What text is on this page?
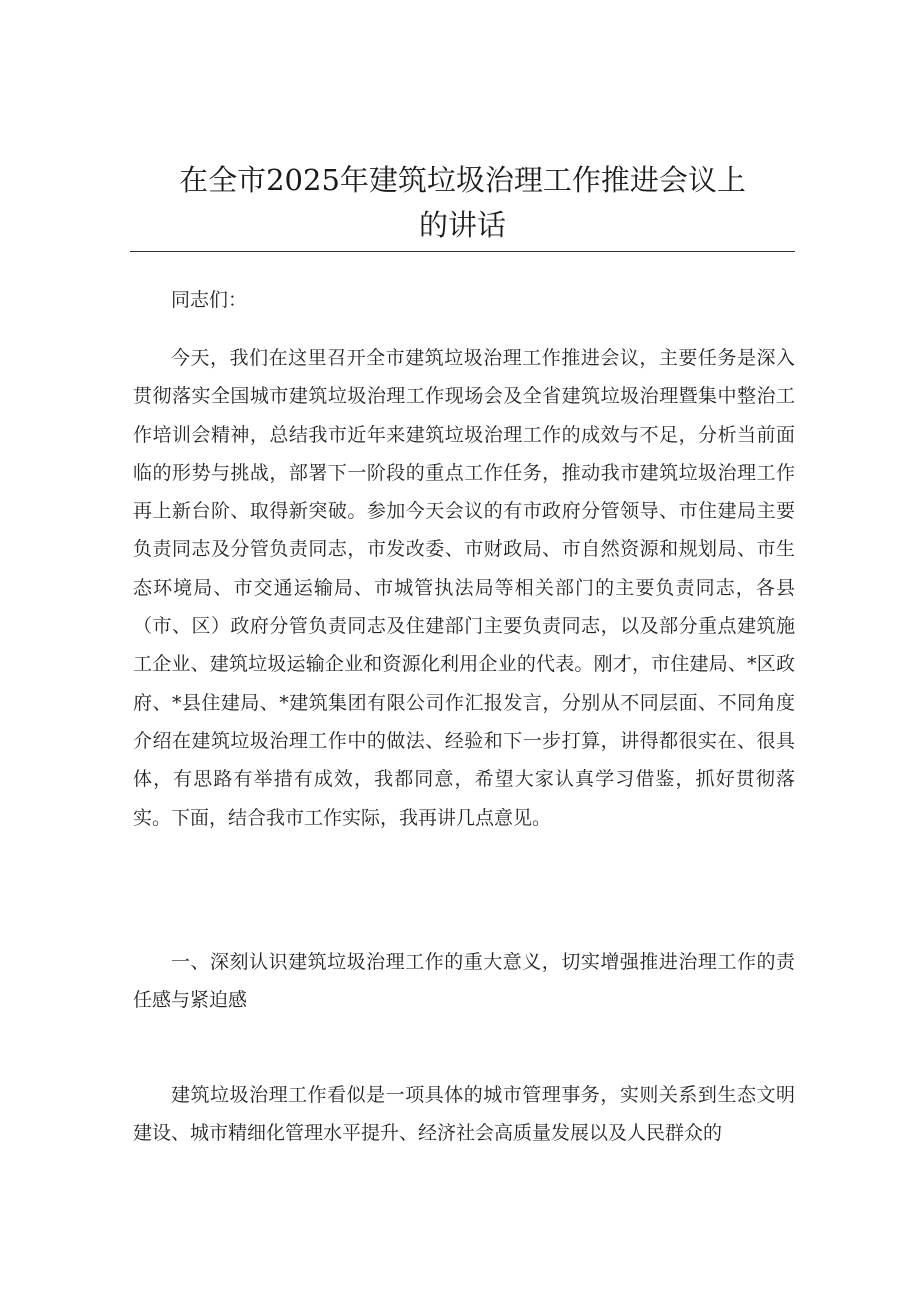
在全市2025年建筑垃圾治理工作推进会议上
的讲话

同志们：

今天，我们在这里召开全市建筑垃圾治理工作推进会议，主要任务是深入贯彻落实全国城市建筑垃圾治理工作现场会及全省建筑垃圾治理暨集中整治工作培训会精神，总结我市近年来建筑垃圾治理工作的成效与不足，分析当前面临的形势与挑战，部署下一阶段的重点工作任务，推动我市建筑垃圾治理工作再上新台阶、取得新突破。参加今天会议的有市政府分管领导、市住建局主要负责同志及分管负责同志，市发改委、市财政局、市自然资源和规划局、市生态环境局、市交通运输局、市城管执法局等相关部门的主要负责同志，各县（市、区）政府分管负责同志及住建部门主要负责同志，以及部分重点建筑施工企业、建筑垃圾运输企业和资源化利用企业的代表。刚才，市住建局、*区政府、*县住建局、*建筑集团有限公司作汇报发言，分别从不同层面、不同角度介绍在建筑垃圾治理工作中的做法、经验和下一步打算，讲得都很实在、很具体，有思路有举措有成效，我都同意，希望大家认真学习借鉴，抓好贯彻落实。下面，结合我市工作实际，我再讲几点意见。

一、深刻认识建筑垃圾治理工作的重大意义，切实增强推进治理工作的责任感与紧迫感

建筑垃圾治理工作看似是一项具体的城市管理事务，实则关系到生态文明建设、城市精细化管理水平提升、经济社会高质量发展以及人民群众的
